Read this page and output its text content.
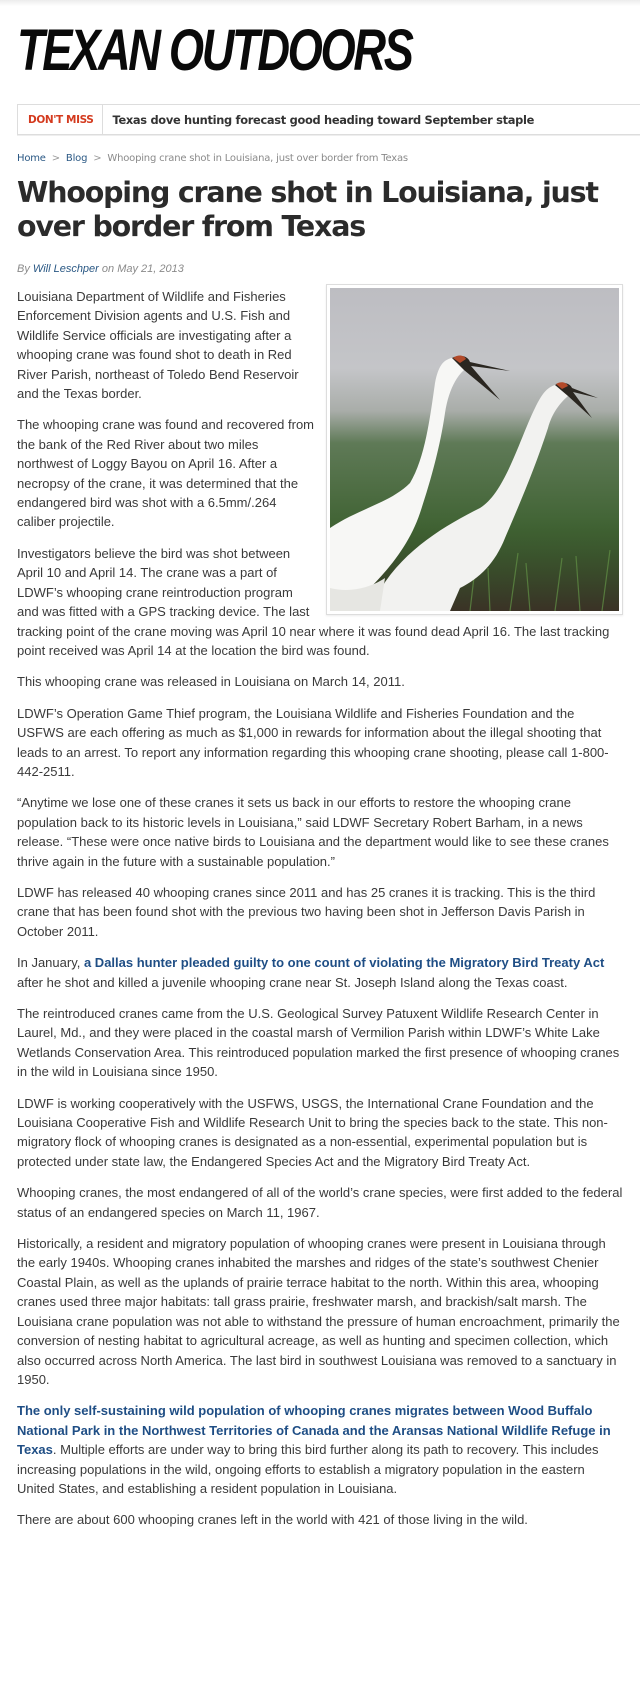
TEXAN OUTDOORS
DON'T MISS	Texas dove hunting forecast good heading toward September staple
Home > Blog > Whooping crane shot in Louisiana, just over border from Texas
Whooping crane shot in Louisiana, just over border from Texas
By Will Leschper on May 21, 2013

Louisiana Department of Wildlife and Fisheries Enforcement Division agents and U.S. Fish and Wildlife Service officials are investigating after a whooping crane was found shot to death in Red River Parish, northeast of Toledo Bend Reservoir and the Texas border.

The whooping crane was found and recovered from the bank of the Red River about two miles northwest of Loggy Bayou on April 16. After a necropsy of the crane, it was determined that the endangered bird was shot with a 6.5mm/.264 caliber projectile.

Investigators believe the bird was shot between April 10 and April 14. The crane was a part of LDWF’s whooping crane reintroduction program and was fitted with a GPS tracking device. The last tracking point of the crane moving was April 10 near where it was found dead April 16. The last tracking point received was April 14 at the location the bird was found.

This whooping crane was released in Louisiana on March 14, 2011.

LDWF’s Operation Game Thief program, the Louisiana Wildlife and Fisheries Foundation and the USFWS are each offering as much as $1,000 in rewards for information about the illegal shooting that leads to an arrest. To report any information regarding this whooping crane shooting, please call 1-800-442-2511.

“Anytime we lose one of these cranes it sets us back in our efforts to restore the whooping crane population back to its historic levels in Louisiana,” said LDWF Secretary Robert Barham, in a news release. “These were once native birds to Louisiana and the department would like to see these cranes thrive again in the future with a sustainable population.”

LDWF has released 40 whooping cranes since 2011 and has 25 cranes it is tracking. This is the third crane that has been found shot with the previous two having been shot in Jefferson Davis Parish in October 2011.

In January, a Dallas hunter pleaded guilty to one count of violating the Migratory Bird Treaty Act after he shot and killed a juvenile whooping crane near St. Joseph Island along the Texas coast.

The reintroduced cranes came from the U.S. Geological Survey Patuxent Wildlife Research Center in Laurel, Md., and they were placed in the coastal marsh of Vermilion Parish within LDWF’s White Lake Wetlands Conservation Area. This reintroduced population marked the first presence of whooping cranes in the wild in Louisiana since 1950.

LDWF is working cooperatively with the USFWS, USGS, the International Crane Foundation and the Louisiana Cooperative Fish and Wildlife Research Unit to bring the species back to the state. This non-migratory flock of whooping cranes is designated as a non-essential, experimental population but is protected under state law, the Endangered Species Act and the Migratory Bird Treaty Act.

Whooping cranes, the most endangered of all of the world’s crane species, were first added to the federal status of an endangered species on March 11, 1967.

Historically, a resident and migratory population of whooping cranes were present in Louisiana through the early 1940s. Whooping cranes inhabited the marshes and ridges of the state’s southwest Chenier Coastal Plain, as well as the uplands of prairie terrace habitat to the north. Within this area, whooping cranes used three major habitats: tall grass prairie, freshwater marsh, and brackish/salt marsh. The Louisiana crane population was not able to withstand the pressure of human encroachment, primarily the conversion of nesting habitat to agricultural acreage, as well as hunting and specimen collection, which also occurred across North America. The last bird in southwest Louisiana was removed to a sanctuary in 1950.

The only self-sustaining wild population of whooping cranes migrates between Wood Buffalo National Park in the Northwest Territories of Canada and the Aransas National Wildlife Refuge in Texas. Multiple efforts are under way to bring this bird further along its path to recovery. This includes increasing populations in the wild, ongoing efforts to establish a migratory population in the eastern United States, and establishing a resident population in Louisiana.

There are about 600 whooping cranes left in the world with 421 of those living in the wild.
